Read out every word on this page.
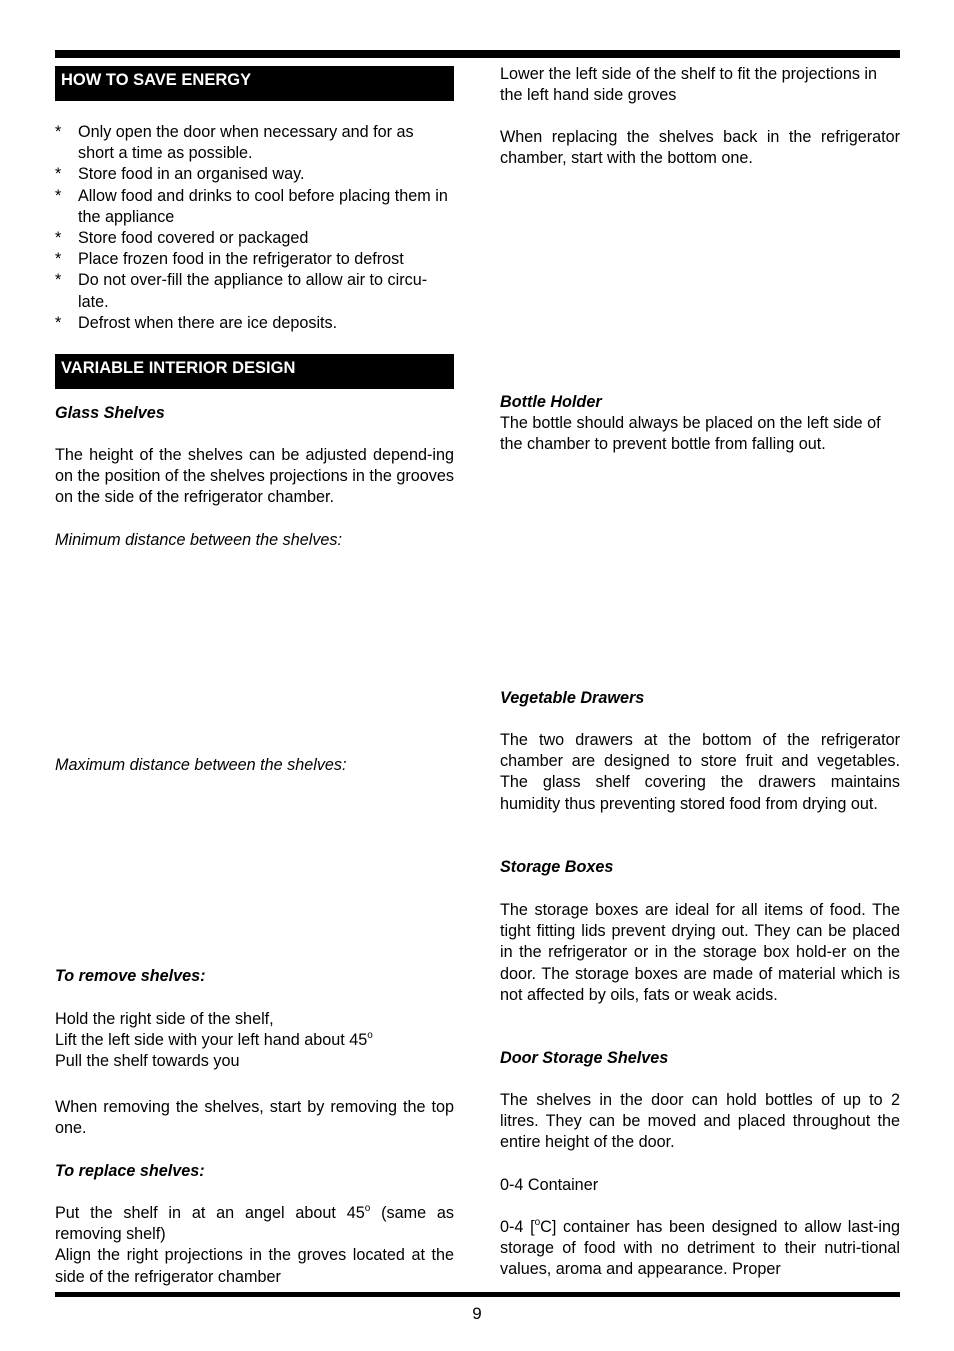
HOW TO SAVE ENERGY
* Only open the door when necessary and for as short a time as possible.
* Store food in an organised way.
* Allow food and drinks to cool before placing them in the appliance
* Store food covered or packaged
* Place frozen food in the refrigerator to defrost
* Do not over-fill the appliance to allow air to circu-late.
* Defrost when there are ice deposits.
VARIABLE INTERIOR DESIGN

Glass Shelves

The height of the shelves can be adjusted depend-ing on the position of the shelves projections in the grooves on the side of the refrigerator chamber.

Minimum distance between the shelves:

Maximum distance between the shelves:

To remove shelves:

Hold the right side of the shelf,
Lift the left side with your left hand about 45$^o$
Pull the shelf towards you

When removing the shelves, start by removing the top one.

To replace shelves:

Put the shelf in at an angel about 45$^o$ (same as removing shelf)
Align the right projections in the groves located at the side of the refrigerator chamber

Lower the left side of the shelf to fit the projections in the left hand side groves

When replacing the shelves back in the refrigerator chamber, start with the bottom one.

Bottle Holder

The bottle should always be placed on the left side of the chamber to prevent bottle from falling out.

Vegetable Drawers

The two drawers at the bottom of the refrigerator chamber are designed to store fruit and vegetables. The glass shelf covering the drawers maintains humidity thus preventing stored food from drying out.

Storage Boxes

The storage boxes are ideal for all items of food. The tight fitting lids prevent drying out. They can be placed in the refrigerator or in the storage box hold-er on the door. The storage boxes are made of material which is not affected by oils, fats or weak acids.

Door Storage Shelves

The shelves in the door can hold bottles of up to 2 litres. They can be moved and placed throughout the entire height of the door.

0-4 Container

0-4 [$^o$C] container has been designed to allow last-ing storage of food with no detriment to their nutri-tional values, aroma and appearance. Proper

9
